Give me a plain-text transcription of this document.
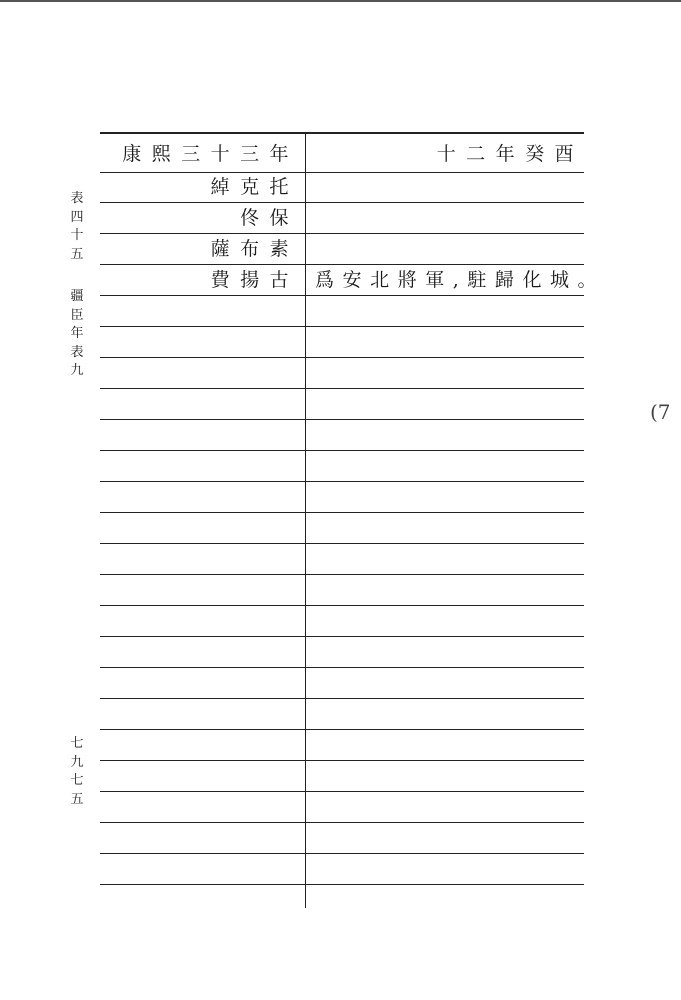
表
四
十
五
疆
臣
年
表
九
七
九
七
五
(7
康熙三十三年	十二年癸酉
綽克托
佟保
薩布素
費揚古 爲安北將軍,駐歸化城。
